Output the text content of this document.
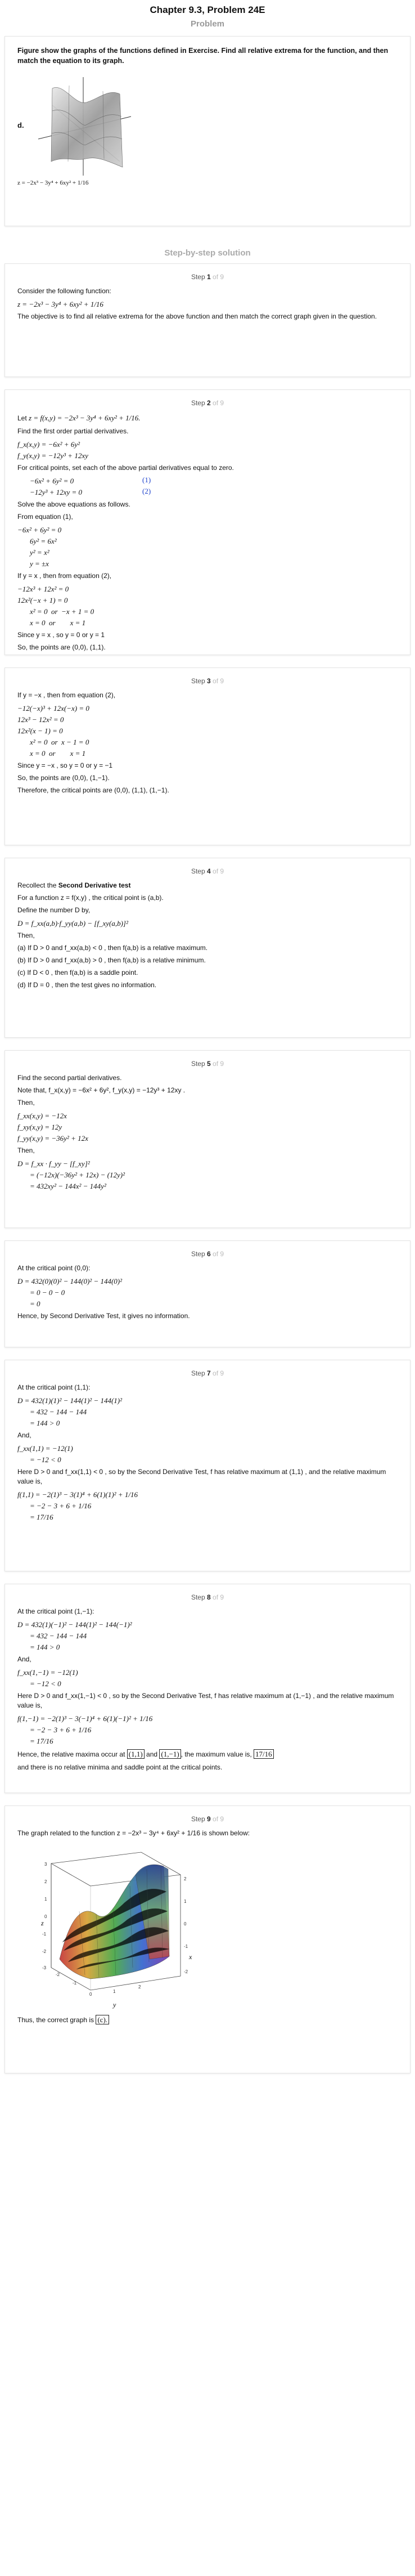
Chapter 9.3, Problem 24E
Problem
Figure show the graphs of the functions defined in Exercise. Find all relative extrema for the function, and then match the equation to its graph.
d.
z = −2x³ − 3y⁴ + 6xy² + 1/16
Step-by-step solution
Step 1 of 9
Consider the following function:
z = −2x³ − 3y⁴ + 6xy² + 1/16
The objective is to find all relative extrema for the above function and then match the correct graph given in the question.
Step 2 of 9
Let z = f(x,y) = −2x³ − 3y⁴ + 6xy² + 1/16.
Find the first order partial derivatives.
f_x(x,y) = −6x² + 6y²
f_y(x,y) = −12y³ + 12xy
For critical points, set each of the above partial derivatives equal to zero.
−6x² + 6y² = 0	(1)
−12y³ + 12xy = 0	(2)
Solve the above equations as follows.
From equation (1),
−6x² + 6y² = 0
6y² = 6x²
y² = x²
y = ±x
If y = x , then from equation (2),
−12x³ + 12x² = 0
12x²(−x + 1) = 0
x² = 0  or  −x + 1 = 0
x = 0  or        x = 1
Since y = x , so y = 0 or y = 1
So, the points are (0,0), (1,1).
Step 3 of 9
If y = −x , then from equation (2),
−12(−x)³ + 12x(−x) = 0
12x³ − 12x² = 0
12x²(x − 1) = 0
x² = 0  or  x − 1 = 0
x = 0  or        x = 1
Since y = −x , so y = 0 or y = −1
So, the points are (0,0), (1,−1).
Therefore, the critical points are (0,0), (1,1), (1,−1).
Step 4 of 9
Recollect the Second Derivative test
For a function z = f(x,y) , the critical point is (a,b).
Define the number D by,
D = f_xx(a,b)·f_yy(a,b) − [f_xy(a,b)]²
Then,
(a) If D > 0 and f_xx(a,b) < 0 , then f(a,b) is a relative maximum.
(b) If D > 0 and f_xx(a,b) > 0 , then f(a,b) is a relative minimum.
(c) If D < 0 , then f(a,b) is a saddle point.
(d) If D = 0 , then the test gives no information.
Step 5 of 9
Find the second partial derivatives.
Note that, f_x(x,y) = −6x² + 6y², f_y(x,y) = −12y³ + 12xy .
Then,
f_xx(x,y) = −12x
f_xy(x,y) = 12y
f_yy(x,y) = −36y² + 12x
Then,
D = f_xx · f_yy − [f_xy]²
= (−12x)(−36y² + 12x) − (12y)²
= 432xy² − 144x² − 144y²
Step 6 of 9
At the critical point (0,0):
D = 432(0)(0)² − 144(0)² − 144(0)²
= 0 − 0 − 0
= 0
Hence, by Second Derivative Test, it gives no information.
Step 7 of 9
At the critical point (1,1):
D = 432(1)(1)² − 144(1)² − 144(1)²
= 432 − 144 − 144
= 144 > 0
And,
f_xx(1,1) = −12(1)
= −12 < 0
Here D > 0 and f_xx(1,1) < 0 , so by the Second Derivative Test, f has relative maximum at (1,1) , and the relative maximum value is,
f(1,1) = −2(1)³ − 3(1)⁴ + 6(1)(1)² + 1/16
= −2 − 3 + 6 + 1/16
= 17/16
Step 8 of 9
At the critical point (1,−1):
D = 432(1)(−1)² − 144(1)² − 144(−1)²
= 432 − 144 − 144
= 144 > 0
And,
f_xx(1,−1) = −12(1)
= −12 < 0
Here D > 0 and f_xx(1,−1) < 0 , so by the Second Derivative Test, f has relative maximum at (1,−1) , and the relative maximum value is,
f(1,−1) = −2(1)³ − 3(−1)⁴ + 6(1)(−1)² + 1/16
= −2 − 3 + 6 + 1/16
= 17/16
Hence, the relative maxima occur at (1,1) and (1,−1) , the maximum value is, 17/16
and there is no relative minima and saddle point at the critical points.
Step 9 of 9
The graph related to the function z = −2x³ − 3y⁴ + 6xy² + 1/16 is shown below:
z
x
y
3
2
1
0
-1
-2
-3
-2
-1
0
1
2
2
1
0
-1
-2
Thus, the correct graph is (c).
